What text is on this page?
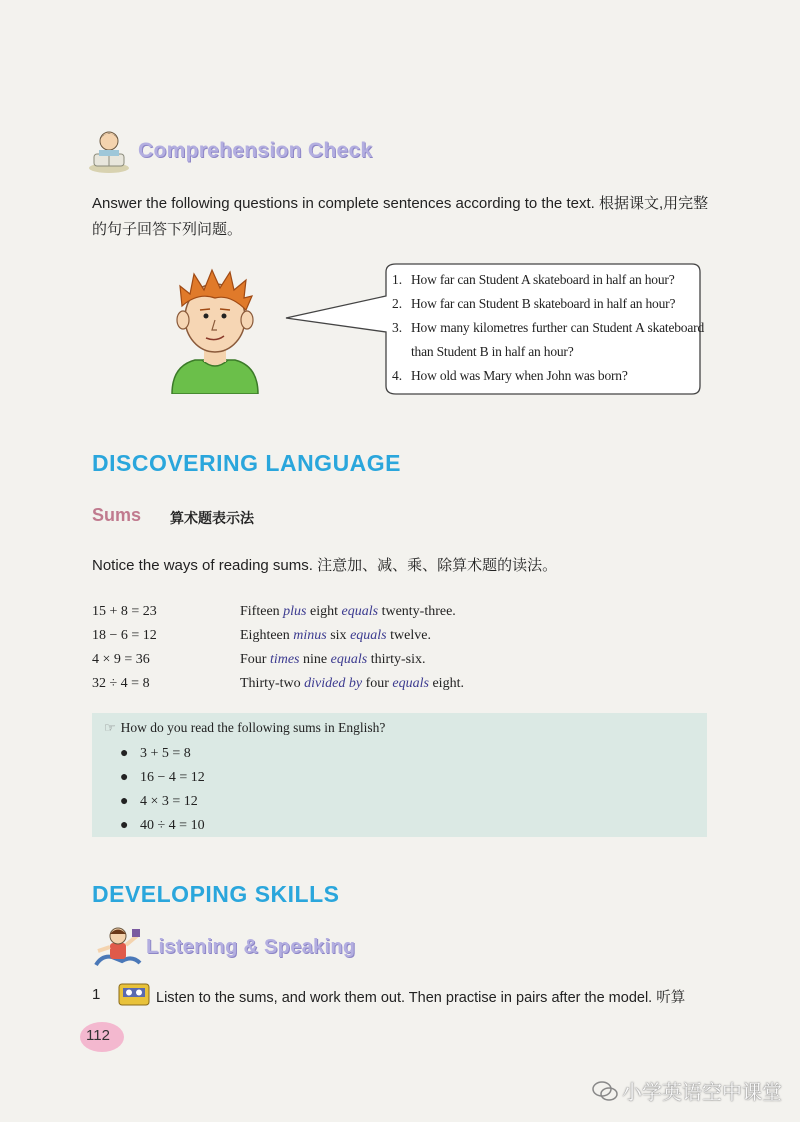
Comprehension Check
Answer the following questions in complete sentences according to the text. 根据课文,用完整的句子回答下列问题。
1. How far can Student A skateboard in half an hour?
2. How far can Student B skateboard in half an hour?
3. How many kilometres further can Student A skateboard than Student B in half an hour?
4. How old was Mary when John was born?
DISCOVERING LANGUAGE
Sums 算术题表示法
Notice the ways of reading sums. 注意加、减、乘、除算术题的读法。
15 + 8 = 23	Fifteen plus eight equals twenty-three.
18 − 6 = 12	Eighteen minus six equals twelve.
4 × 9 = 36	Four times nine equals thirty-six.
32 ÷ 4 = 8	Thirty-two divided by four equals eight.
☞ How do you read the following sums in English?
● 3 + 5 = 8
● 16 − 4 = 12
● 4 × 3 = 12
● 40 ÷ 4 = 10
DEVELOPING SKILLS
Listening & Speaking
1	Listen to the sums, and work them out. Then practise in pairs after the model. 听算
112
小学英语空中课堂
